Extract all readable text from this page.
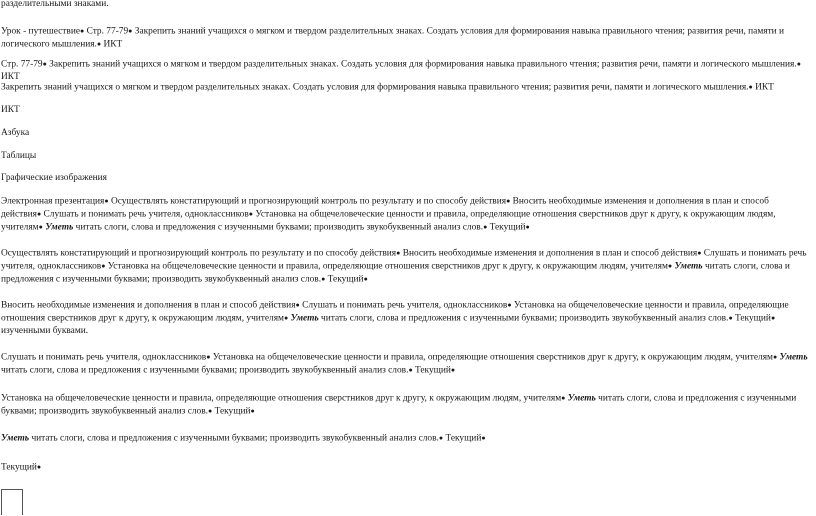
разделительными знаками.

Урок - путешествие● Стр. 77-79● Закрепить знаний учащихся о мягком и твердом разделительных знаках. Создать условия для формирования навыка правильного чтения; развития речи, памяти и логического мышления.● ИКТ

Стр. 77-79● Закрепить знаний учащихся о мягком и твердом разделительных знаках. Создать условия для формирования навыка правильного чтения; развития речи, памяти и логического мышления.● ИКТ

Закрепить знаний учащихся о мягком и твердом разделительных знаках. Создать условия для формирования навыка правильного чтения; развития речи, памяти и логического мышления.● ИКТ

ИКТ

Азбука

Таблицы

Графические изображения

Электронная презентация● Осуществлять констатирующий и прогнозирующий контроль по результату и по способу действия● Вносить необходимые изменения и дополнения в план и способ действия● Слушать и понимать речь учителя, одноклассников● Установка на общечеловеческие ценности и правила, определяющие отношения сверстников друг к другу, к окружающим людям, учителям● Уметь читать слоги, слова и предложения с изученными буквами; производить звукобуквенный анализ слов.● Текущий●

Осуществлять констатирующий и прогнозирующий контроль по результату и по способу действия● Вносить необходимые изменения и дополнения в план и способ действия● Слушать и понимать речь учителя, одноклассников● Установка на общечеловеческие ценности и правила, определяющие отношения сверстников друг к другу, к окружающим людям, учителям● Уметь читать слоги, слова и предложения с изученными буквами; производить звукобуквенный анализ слов.● Текущий●

Вносить необходимые изменения и дополнения в план и способ действия● Слушать и понимать речь учителя, одноклассников● Установка на общечеловеческие ценности и правила, определяющие отношения сверстников друг к другу, к окружающим людям, учителям● Уметь читать слоги, слова и предложения с изученными буквами; производить звукобуквенный анализ слов.● Текущий●
изученными буквами.

Слушать и понимать речь учителя, одноклассников● Установка на общечеловеческие ценности и правила, определяющие отношения сверстников друг к другу, к окружающим людям, учителям● Уметь читать слоги, слова и предложения с изученными буквами; производить звукобуквенный анализ слов.● Текущий●

Установка на общечеловеческие ценности и правила, определяющие отношения сверстников друг к другу, к окружающим людям, учителям● Уметь читать слоги, слова и предложения с изученными буквами; производить звукобуквенный анализ слов.● Текущий●

Уметь читать слоги, слова и предложения с изученными буквами; производить звукобуквенный анализ слов.● Текущий●

Текущий●
